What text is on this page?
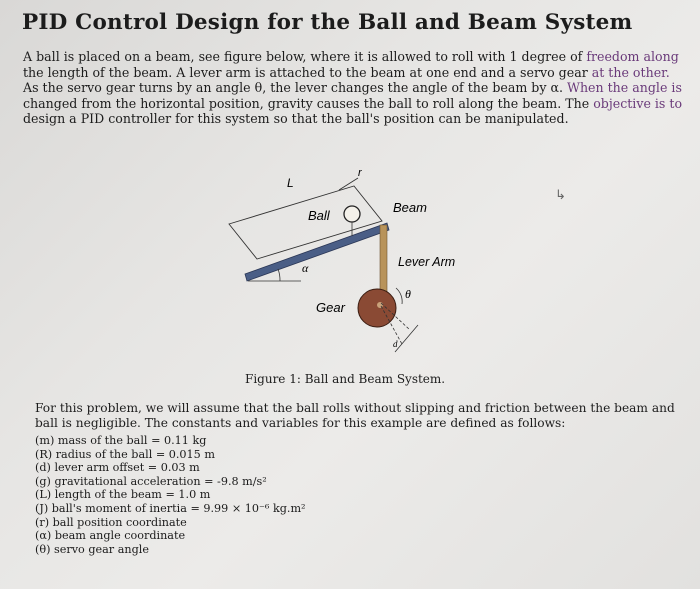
PID Control Design for the Ball and Beam System
A ball is placed on a beam, see figure below, where it is allowed to roll with 1 degree of freedom along the length of the beam. A lever arm is attached to the beam at one end and a servo gear at the other. As the servo gear turns by an angle θ, the lever changes the angle of the beam by α. When the angle is changed from the horizontal position, gravity causes the ball to roll along the beam. The objective is to design a PID controller for this system so that the ball's position can be manipulated.
L
r
Ball
Beam
Lever Arm
α
θ
Gear
d
↳
Figure 1: Ball and Beam System.
For this problem, we will assume that the ball rolls without slipping and friction between the beam and ball is negligible. The constants and variables for this example are defined as follows:
(m) mass of the ball = 0.11 kg
(R) radius of the ball = 0.015 m
(d) lever arm offset = 0.03 m
(g) gravitational acceleration = -9.8 m/s²
(L) length of the beam = 1.0 m
(J) ball's moment of inertia = 9.99 × 10⁻⁶ kg.m²
(r) ball position coordinate
(α) beam angle coordinate
(θ) servo gear angle
